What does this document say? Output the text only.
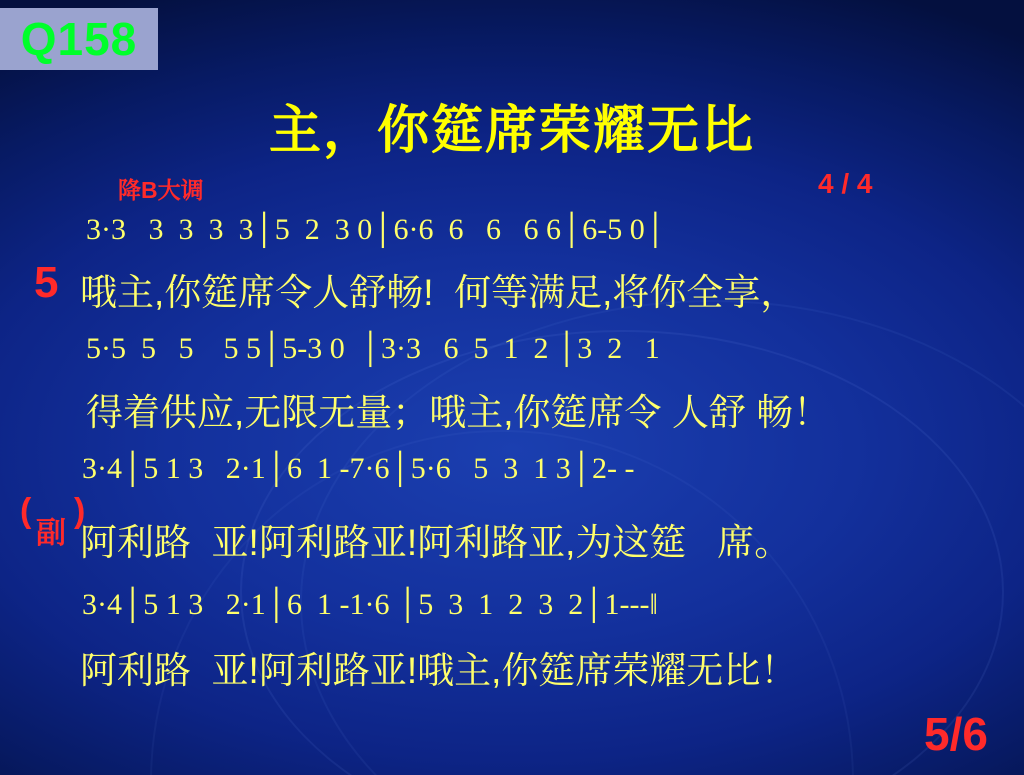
Q158
主，你筵席荣耀无比
降B大调	4 / 4
5
(
副
)
3·3   3  3  3  3│5  2  3 0│6·6  6   6   6 6│6-5 0│
哦主,你筵席令人舒畅!  何等满足,将你全享，
5·5  5   5    5 5│5-3 0  │3·3   6  5  1  2 │3  2   1
得着供应,无限无量；哦主,你筵席令 人舒 畅！
3·4│5 1 3   2·1│6  1 -7·6│5·6   5  3  1 3│2- -
阿利路  亚!阿利路亚!阿利路亚,为这筵   席。
3·4│5 1 3   2·1│6  1 -1·6 │5  3  1  2  3  2│1---‖
阿利路  亚!阿利路亚!哦主,你筵席荣耀无比！
5/6
